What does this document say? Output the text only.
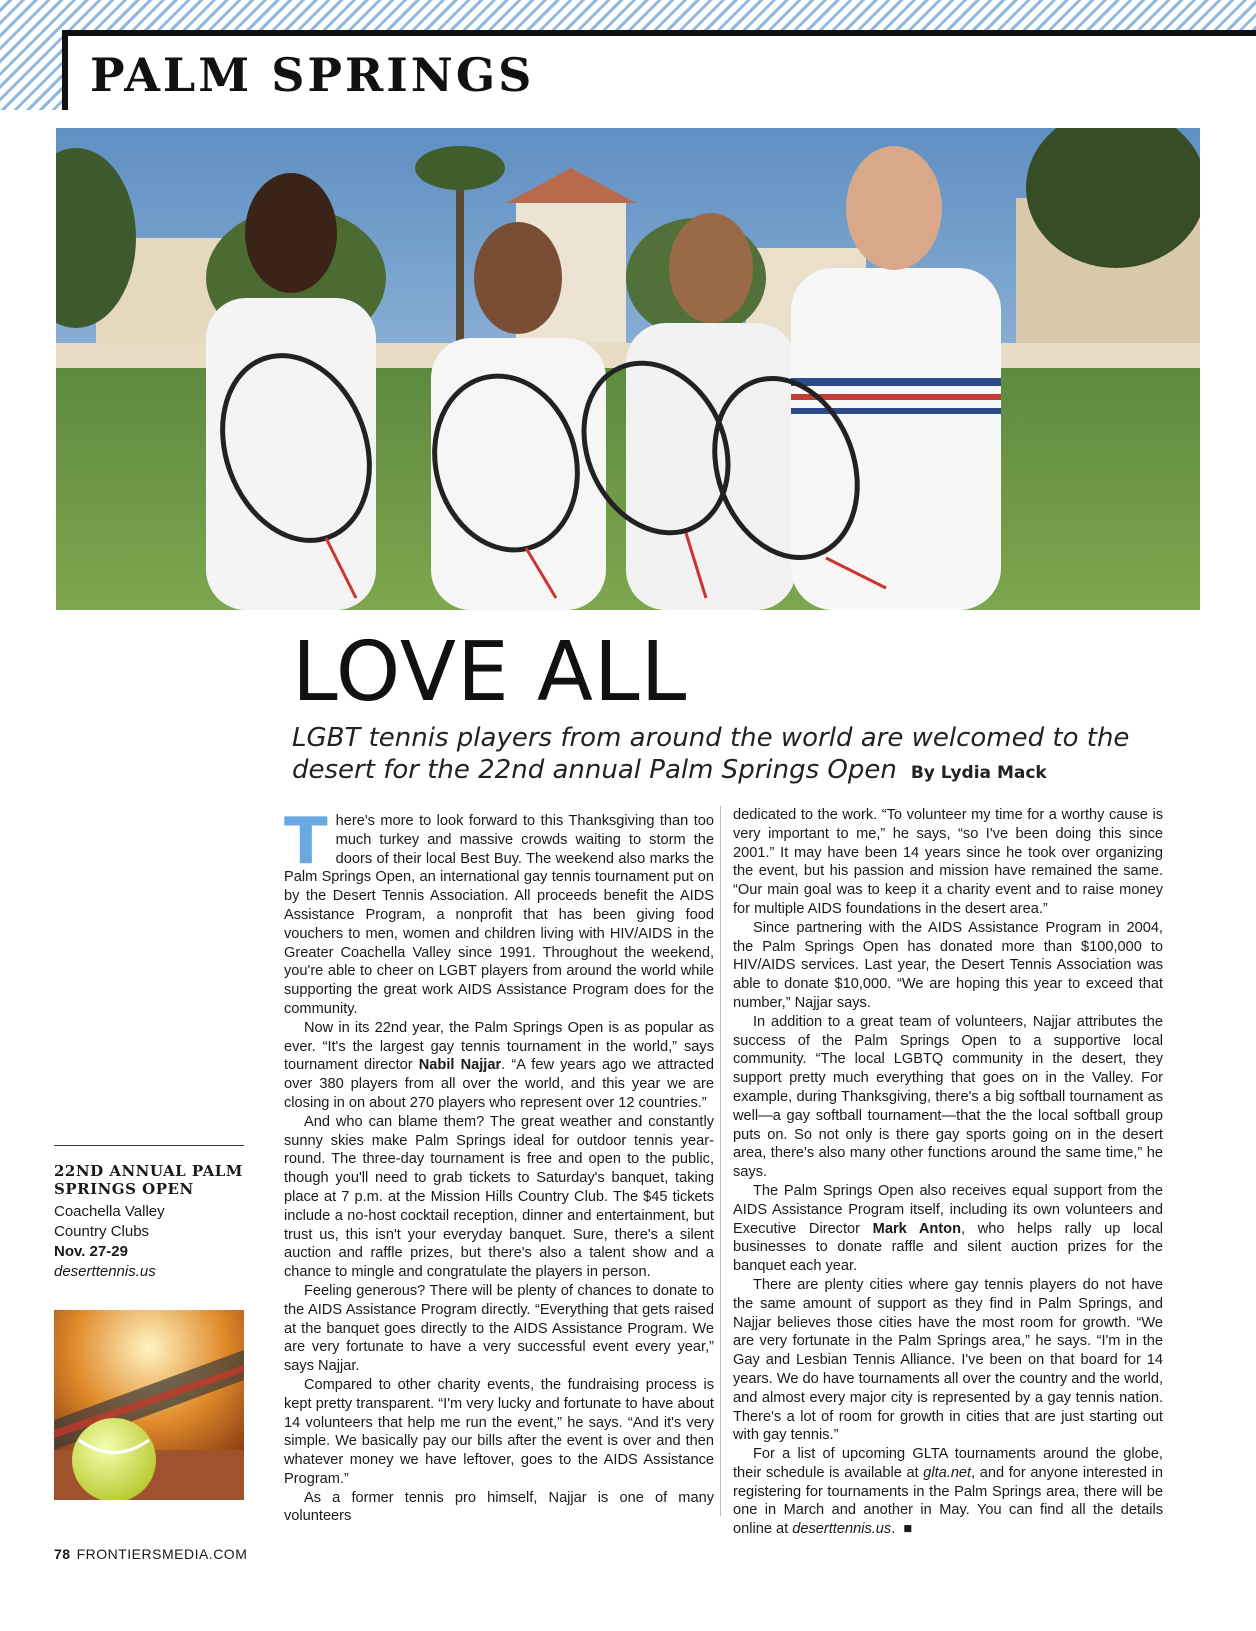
PALM SPRINGS
LOVE ALL

LGBT tennis players from around the world are welcomed to the desert for the 22nd annual Palm Springs Open By Lydia Mack

There's more to look forward to this Thanksgiving than too much turkey and massive crowds waiting to storm the doors of their local Best Buy. The weekend also marks the Palm Springs Open, an international gay tennis tournament put on by the Desert Tennis Association. All proceeds benefit the AIDS Assistance Program, a nonprofit that has been giving food vouchers to men, women and children living with HIV/AIDS in the Greater Coachella Valley since 1991. Throughout the weekend, you're able to cheer on LGBT players from around the world while supporting the great work AIDS Assistance Program does for the community.

Now in its 22nd year, the Palm Springs Open is as popular as ever. “It's the largest gay tennis tournament in the world,” says tournament director Nabil Najjar. “A few years ago we attracted over 380 players from all over the world, and this year we are closing in on about 270 players who represent over 12 countries.”

And who can blame them? The great weather and constantly sunny skies make Palm Springs ideal for outdoor tennis year-round. The three-day tournament is free and open to the public, though you'll need to grab tickets to Saturday's banquet, taking place at 7 p.m. at the Mission Hills Country Club. The $45 tickets include a no-host cocktail reception, dinner and entertainment, but trust us, this isn't your everyday banquet. Sure, there's a silent auction and raffle prizes, but there's also a talent show and a chance to mingle and congratulate the players in person.

Feeling generous? There will be plenty of chances to donate to the AIDS Assistance Program directly. “Everything that gets raised at the banquet goes directly to the AIDS Assistance Program. We are very fortunate to have a very successful event every year,” says Najjar.

Compared to other charity events, the fundraising process is kept pretty transparent. “I'm very lucky and fortunate to have about 14 volunteers that help me run the event,” he says. “And it's very simple. We basically pay our bills after the event is over and then whatever money we have leftover, goes to the AIDS Assistance Program.”

As a former tennis pro himself, Najjar is one of many volunteers

dedicated to the work. “To volunteer my time for a worthy cause is very important to me,” he says, “so I've been doing this since 2001.” It may have been 14 years since he took over organizing the event, but his passion and mission have remained the same. “Our main goal was to keep it a charity event and to raise money for multiple AIDS foundations in the desert area.”

Since partnering with the AIDS Assistance Program in 2004, the Palm Springs Open has donated more than $100,000 to HIV/AIDS services. Last year, the Desert Tennis Association was able to donate $10,000. “We are hoping this year to exceed that number,” Najjar says.

In addition to a great team of volunteers, Najjar attributes the success of the Palm Springs Open to a supportive local community. “The local LGBTQ community in the desert, they support pretty much everything that goes on in the Valley. For example, during Thanksgiving, there's a big softball tournament as well—a gay softball tournament—that the the local softball group puts on. So not only is there gay sports going on in the desert area, there's also many other functions around the same time,” he says.

The Palm Springs Open also receives equal support from the AIDS Assistance Program itself, including its own volunteers and Executive Director Mark Anton, who helps rally up local businesses to donate raffle and silent auction prizes for the banquet each year.

There are plenty cities where gay tennis players do not have the same amount of support as they find in Palm Springs, and Najjar believes those cities have the most room for growth. “We are very fortunate in the Palm Springs area,” he says. “I'm in the Gay and Lesbian Tennis Alliance. I've been on that board for 14 years. We do have tournaments all over the country and the world, and almost every major city is represented by a gay tennis nation. There's a lot of room for growth in cities that are just starting out with gay tennis.”

For a list of upcoming GLTA tournaments around the globe, their schedule is available at glta.net, and for anyone interested in registering for tournaments in the Palm Springs area, there will be one in March and another in May. You can find all the details online at deserttennis.us. ■

22ND ANNUAL PALM SPRINGS OPEN

Coachella Valley

Country Clubs

Nov. 27-29

deserttennis.us

78 FRONTIERSMEDIA.COM
